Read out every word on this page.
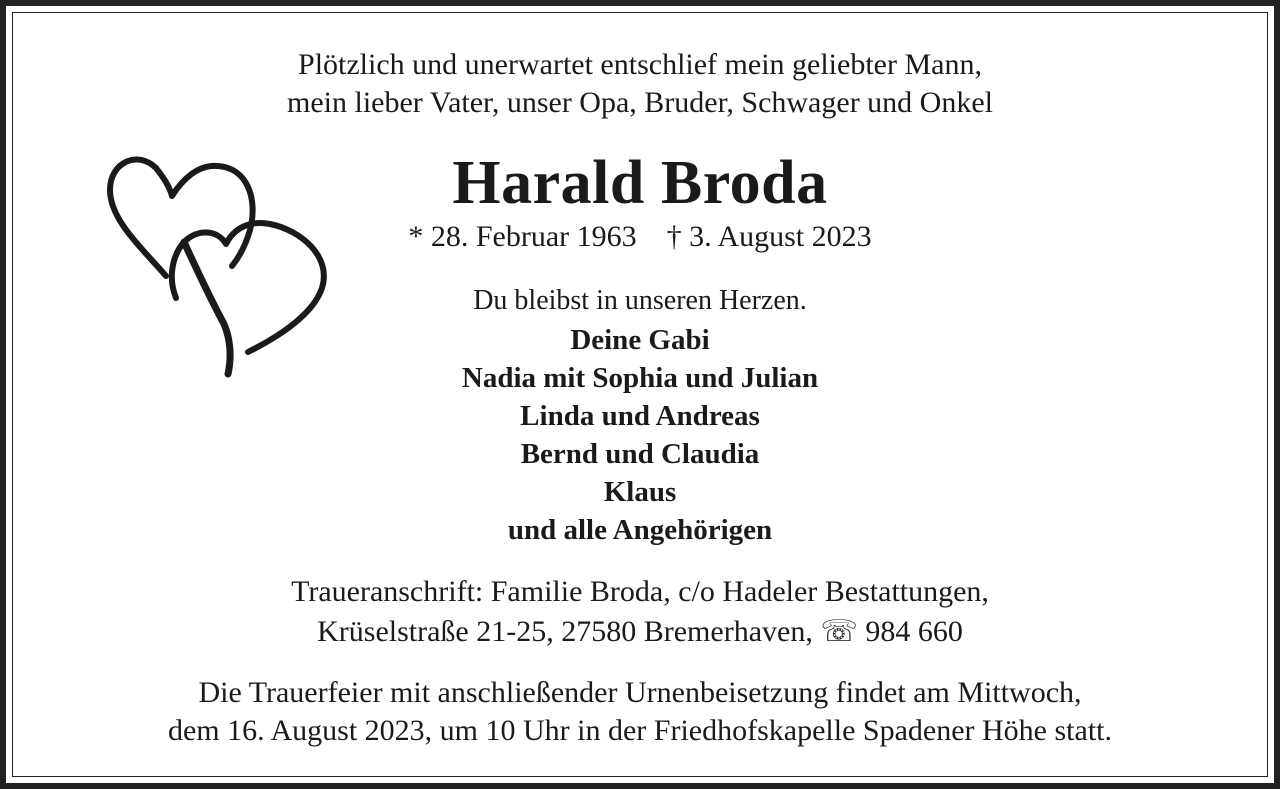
Plötzlich und unerwartet entschlief mein geliebter Mann,

mein lieber Vater, unser Opa, Bruder, Schwager und Onkel

Harald Broda
* 28. Februar 1963 † 3. August 2023

Du bleibst in unseren Herzen.

Deine Gabi
Nadia mit Sophia und Julian
Linda und Andreas
Bernd und Claudia
Klaus
und alle Angehörigen

Traueranschrift: Familie Broda, c/o Hadeler Bestattungen,

Krüselstraße 21-25, 27580 Bremerhaven, ☏ 984 660

Die Trauerfeier mit anschließender Urnenbeisetzung findet am Mittwoch,

dem 16. August 2023, um 10 Uhr in der Friedhofskapelle Spadener Höhe statt.
